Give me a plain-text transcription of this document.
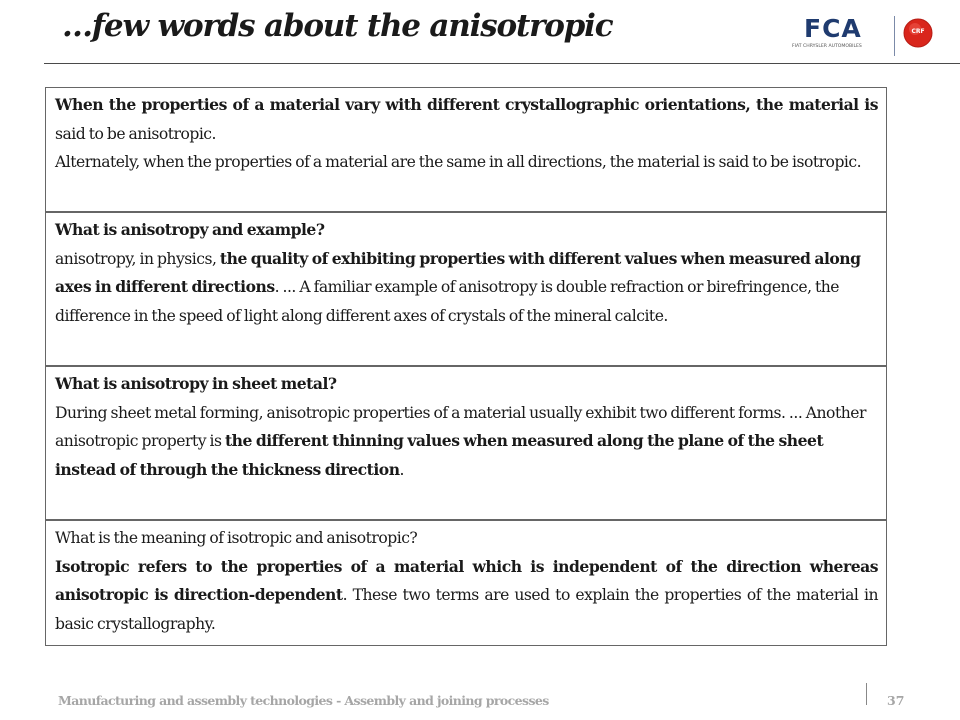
…few words about the anisotropic	FCA
FIAT CHRYSLER AUTOMOBILES
CRF

When the properties of a material vary with different crystallographic orientations, the material is said to be anisotropic.

Alternately, when the properties of a material are the same in all directions, the material is said to be isotropic.

What is anisotropy and example?

anisotropy, in physics, the quality of exhibiting properties with different values when measured along axes in different directions. ... A familiar example of anisotropy is double refraction or birefringence, the difference in the speed of light along different axes of crystals of the mineral calcite.

What is anisotropy in sheet metal?

During sheet metal forming, anisotropic properties of a material usually exhibit two different forms. ... Another anisotropic property is the different thinning values when measured along the plane of the sheet instead of through the thickness direction.

What is the meaning of isotropic and anisotropic?

Isotropic refers to the properties of a material which is independent of the direction whereas anisotropic is direction-dependent. These two terms are used to explain the properties of the material in basic crystallography.

Manufacturing and assembly technologies - Assembly and joining processes	37
